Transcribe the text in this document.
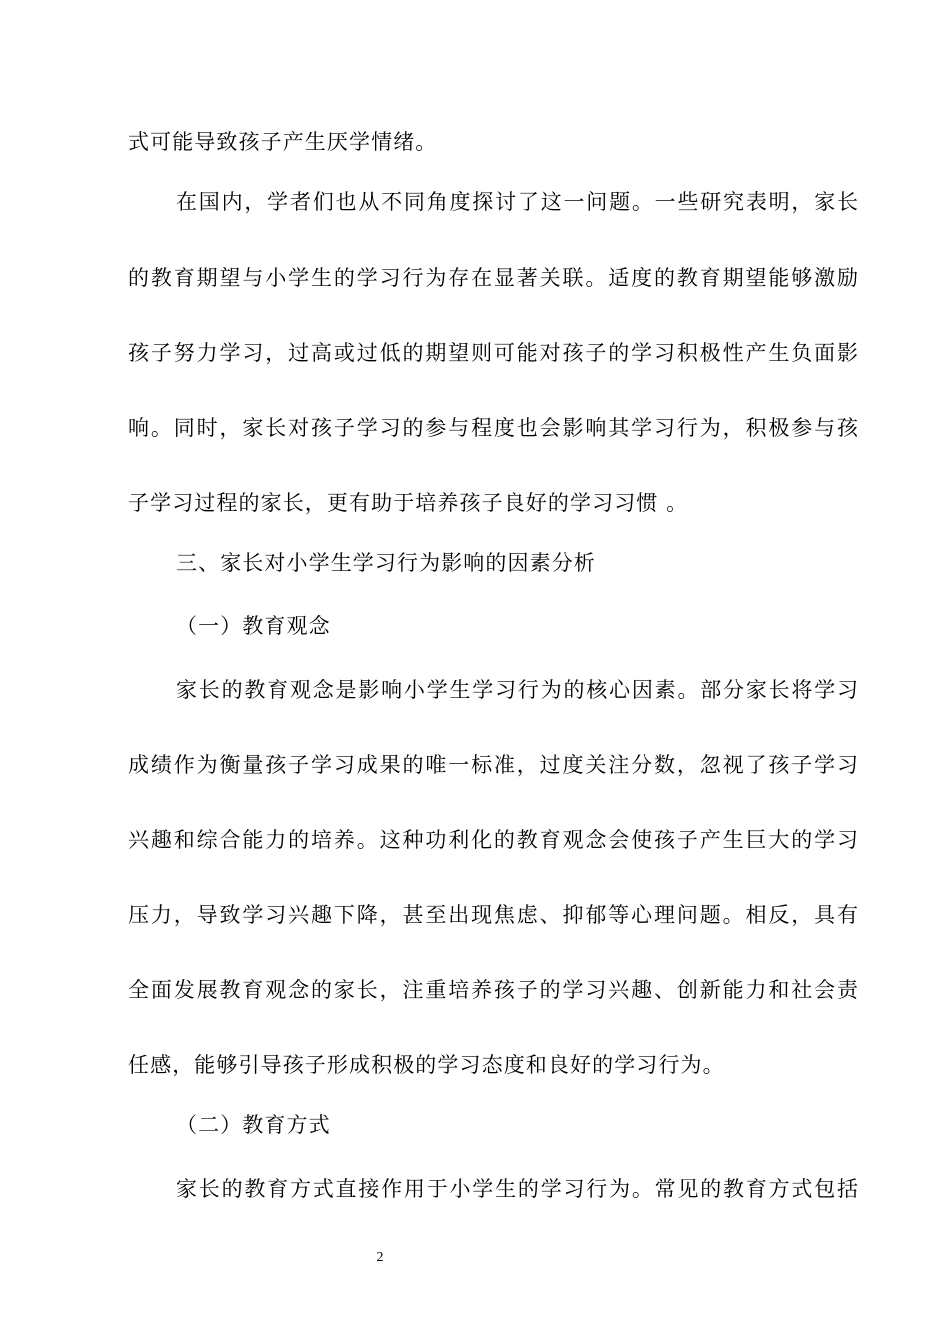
式可能导致孩子产生厌学情绪。
在国内，学者们也从不同角度探讨了这一问题。一些研究表明，家长
的教育期望与小学生的学习行为存在显著关联。适度的教育期望能够激励
孩子努力学习，过高或过低的期望则可能对孩子的学习积极性产生负面影
响。同时，家长对孩子学习的参与程度也会影响其学习行为，积极参与孩
子学习过程的家长，更有助于培养孩子良好的学习习惯 。
三、家长对小学生学习行为影响的因素分析
（一）教育观念
家长的教育观念是影响小学生学习行为的核心因素。部分家长将学习
成绩作为衡量孩子学习成果的唯一标准，过度关注分数，忽视了孩子学习
兴趣和综合能力的培养。这种功利化的教育观念会使孩子产生巨大的学习
压力，导致学习兴趣下降，甚至出现焦虑、抑郁等心理问题。相反，具有
全面发展教育观念的家长，注重培养孩子的学习兴趣、创新能力和社会责
任感，能够引导孩子形成积极的学习态度和良好的学习行为。
（二）教育方式
家长的教育方式直接作用于小学生的学习行为。常见的教育方式包括
2
